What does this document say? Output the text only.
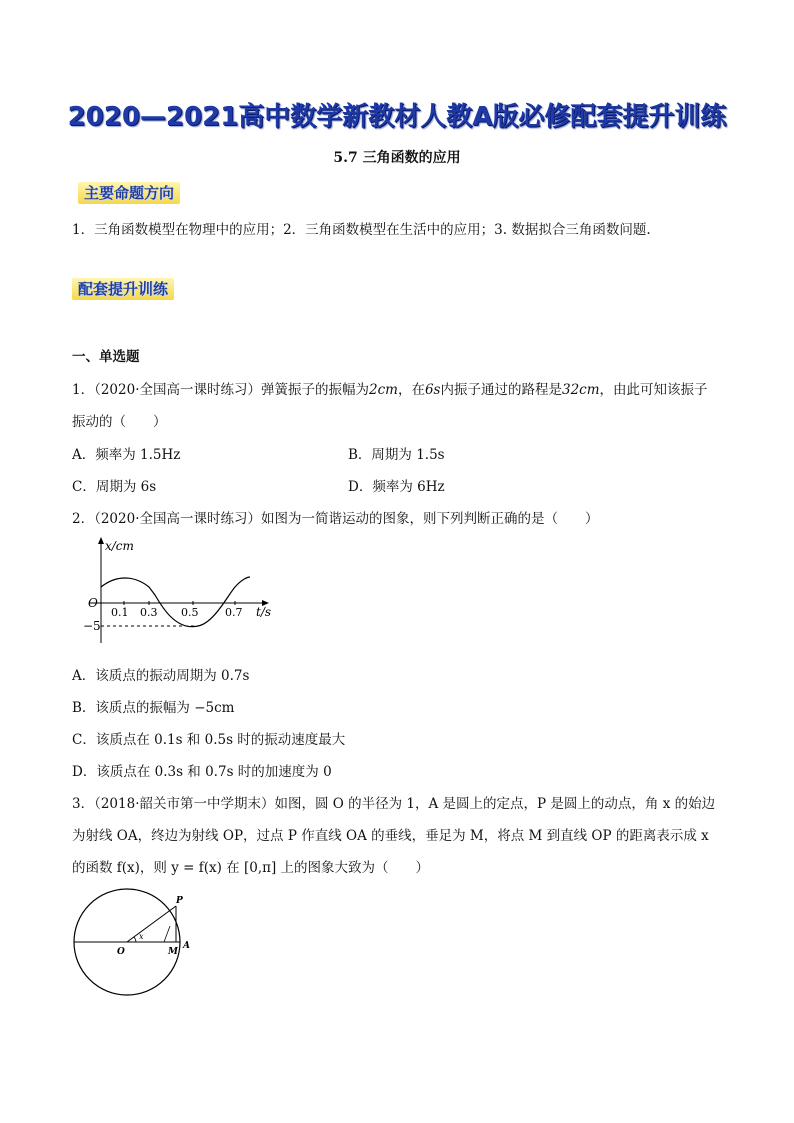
2020—2021高中数学新教材人教A版必修配套提升训练
5.7 三角函数的应用
主要命题方向
1．三角函数模型在物理中的应用；2．三角函数模型在生活中的应用；3. 数据拟合三角函数问题.
配套提升训练
一、单选题
1．（2020·全国高一课时练习）弹簧振子的振幅为2cm，在6s内振子通过的路程是32cm，由此可知该振子
振动的（　　）
A．频率为 1.5Hz	B．周期为 1.5s
C．周期为 6s	D．频率为 6Hz
2．（2020·全国高一课时练习）如图为一简谐运动的图象，则下列判断正确的是（　　）
x/cm
O
−5
0.1 0.3 0.5 0.7 t/s
A．该质点的振动周期为 0.7s
B．该质点的振幅为 −5cm
C．该质点在 0.1s 和 0.5s 时的振动速度最大
D．该质点在 0.3s 和 0.7s 时的加速度为 0
3．（2018·韶关市第一中学期末）如图，圆 O 的半径为 1，A 是圆上的定点，P 是圆上的动点，角 x 的始边
为射线 OA，终边为射线 OP，过点 P 作直线 OA 的垂线，垂足为 M，将点 M 到直线 OP 的距离表示成 x
的函数 f(x)，则 y = f(x) 在 [0,π] 上的图象大致为（　　）
O
x
M
A
P
